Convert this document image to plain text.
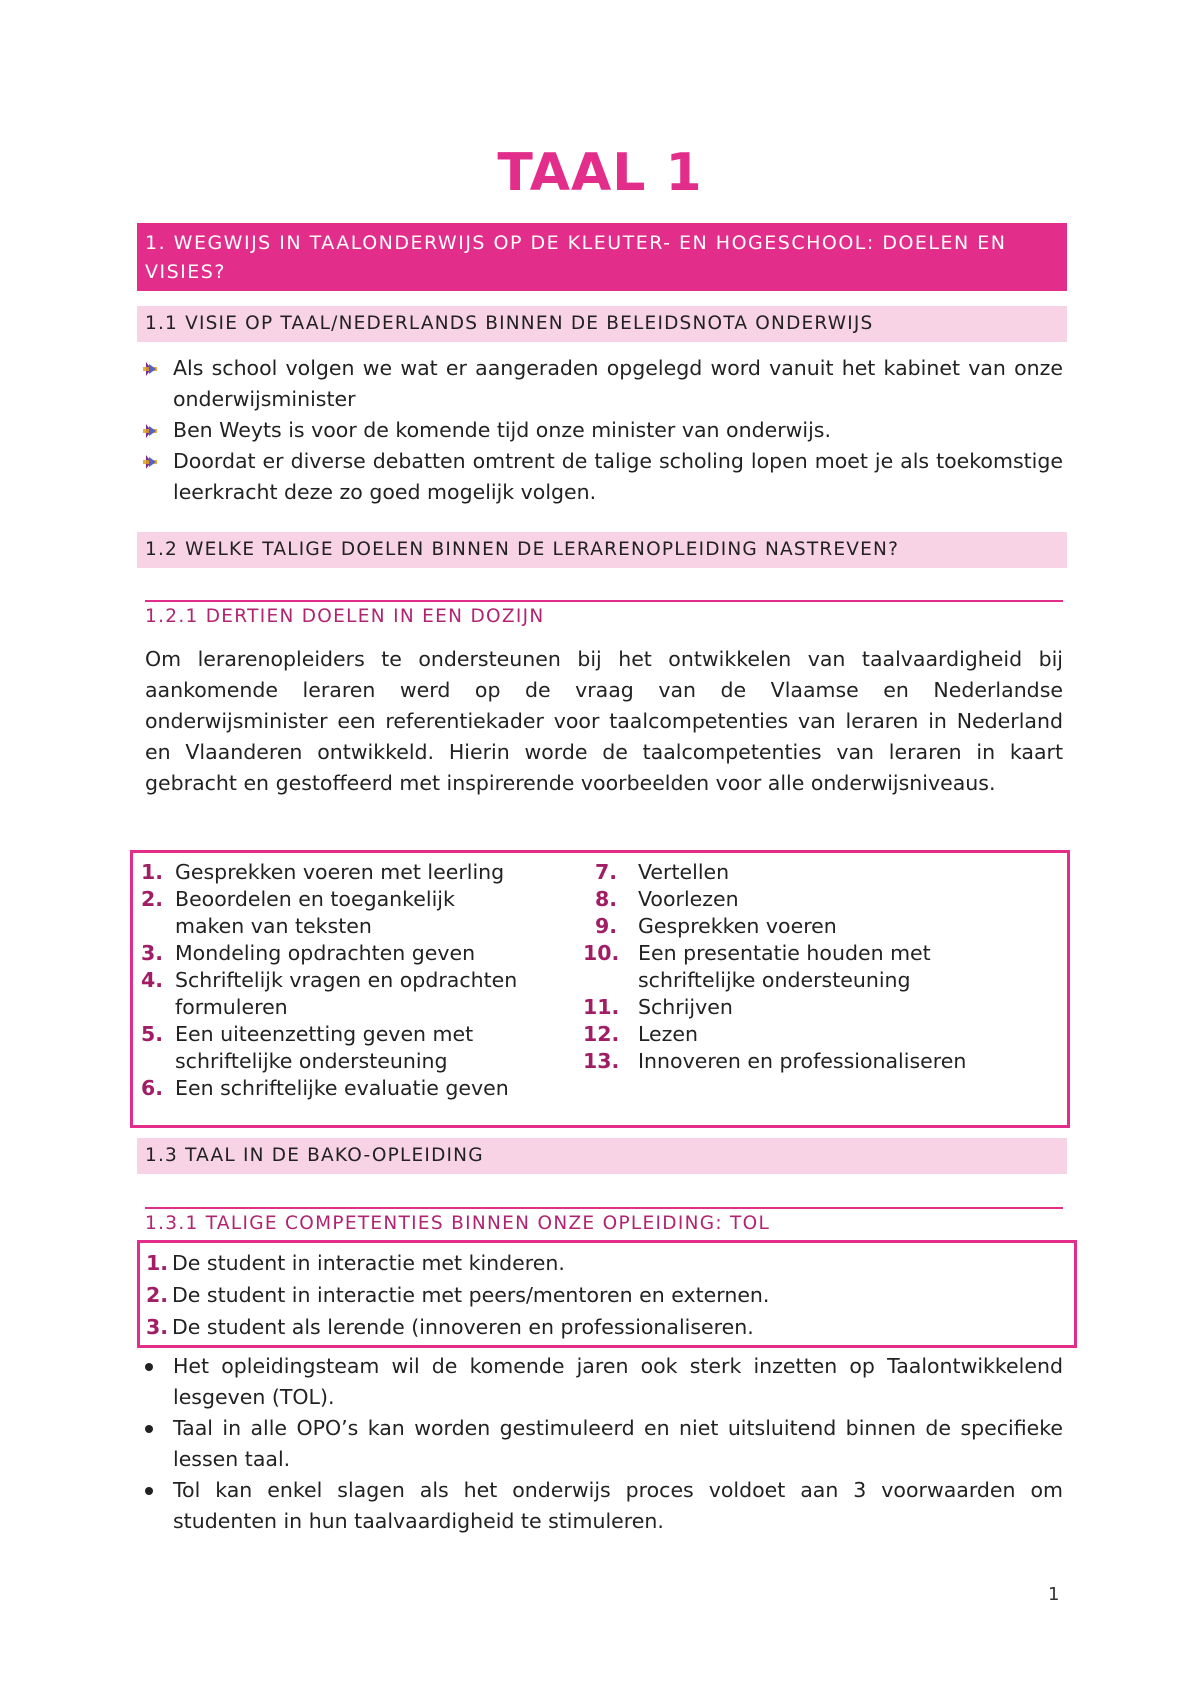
TAAL 1
1. WEGWIJS IN TAALONDERWIJS OP DE KLEUTER- EN HOGESCHOOL: DOELEN EN VISIES?
1.1 VISIE OP TAAL/NEDERLANDS BINNEN DE BELEIDSNOTA ONDERWIJS
Als school volgen we wat er aangeraden opgelegd word vanuit het kabinet van onze onderwijsminister
Ben Weyts is voor de komende tijd onze minister van onderwijs.
Doordat er diverse debatten omtrent de talige scholing lopen moet je als toekomstige leerkracht deze zo goed mogelijk volgen.
1.2 WELKE TALIGE DOELEN BINNEN DE LERARENOPLEIDING NASTREVEN?
1.2.1 DERTIEN DOELEN IN EEN DOZIJN
Om lerarenopleiders te ondersteunen bij het ontwikkelen van taalvaardigheid bij aankomende leraren werd op de vraag van de Vlaamse en Nederlandse onderwijsminister een referentiekader voor taalcompetenties van leraren in Nederland en Vlaanderen ontwikkeld. Hierin worde de taalcompetenties van leraren in kaart gebracht en gestoffeerd met inspirerende voorbeelden voor alle onderwijsniveaus.
1. Gesprekken voeren met leerling
2. Beoordelen en toegankelijk maken van teksten
3. Mondeling opdrachten geven
4. Schriftelijk vragen en opdrachten formuleren
5. Een uiteenzetting geven met schriftelijke ondersteuning
6. Een schriftelijke evaluatie geven
7. Vertellen
8. Voorlezen
9. Gesprekken voeren
10. Een presentatie houden met schriftelijke ondersteuning
11. Schrijven
12. Lezen
13. Innoveren en professionaliseren
1.3 TAAL IN DE BAKO-OPLEIDING
1.3.1 TALIGE COMPETENTIES BINNEN ONZE OPLEIDING: TOL
1. De student in interactie met kinderen.
2. De student in interactie met peers/mentoren en externen.
3. De student als lerende (innoveren en professionaliseren.
Het opleidingsteam wil de komende jaren ook sterk inzetten op Taalontwikkelend lesgeven (TOL).
Taal in alle OPO’s kan worden gestimuleerd en niet uitsluitend binnen de specifieke lessen taal.
Tol kan enkel slagen als het onderwijs proces voldoet aan 3 voorwaarden om studenten in hun taalvaardigheid te stimuleren.
1
